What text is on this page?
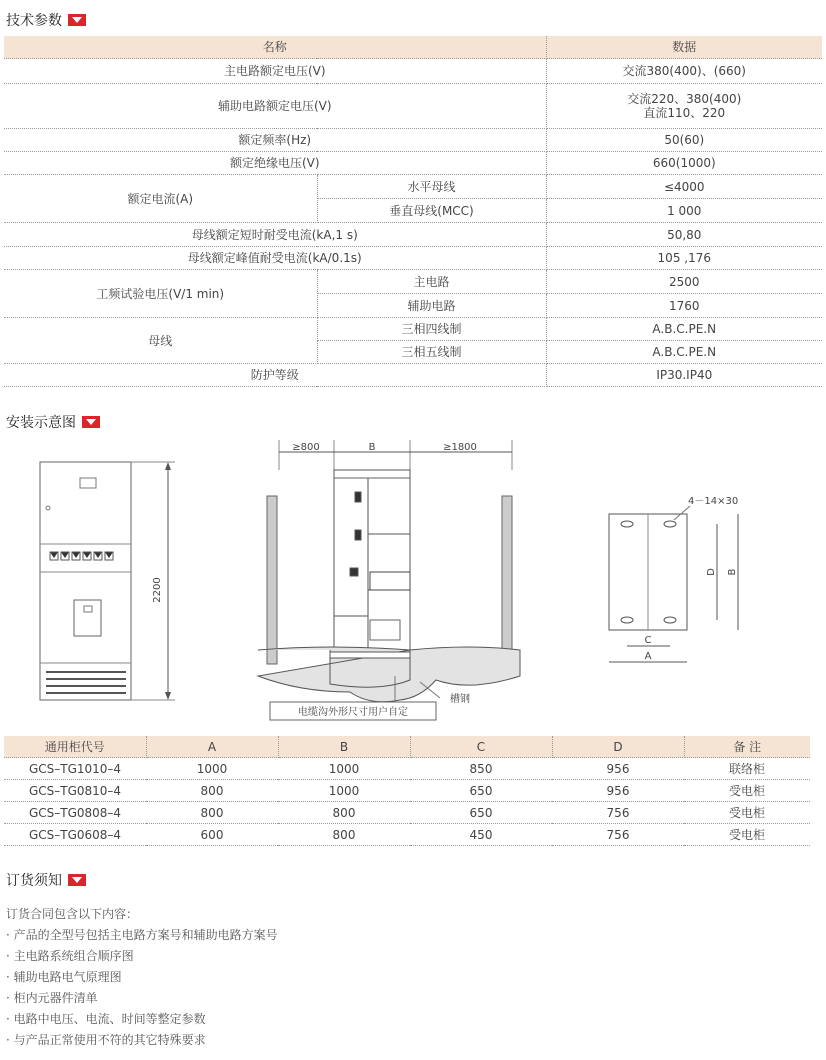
技术参数
名称		数据
主电路额定电压(V)		交流380(400)、(660)
辅助电路额定电压(V)		交流220、380(400)
直流110、220

额定频率(Hz)		50(60)
额定绝缘电压(V)		660(1000)
额定电流(A)	水平母线	≤4000
	垂直母线(MCC)	1 000
母线额定短时耐受电流(kA,1 s)		50,80
母线额定峰值耐受电流(kA/0.1s)		105 ,176
工频试验电压(V/1 min)	主电路	2500
	辅助电路	1760
母线	三相四线制	A.B.C.PE.N
	三相五线制	A.B.C.PE.N
防护等级		IP30.IP40
安装示意图
2200
≥800	B	≥1800
槽钢
电缆沟外形尺寸用户自定
4－14×30
D B
C
A
通用柜代号	A	B	C	D	备 注
GCS–TG1010–4	1000	1000	850	956	联络柜
GCS–TG0810–4	800	1000	650	956	受电柜
GCS–TG0808–4	800	800	650	756	受电柜
GCS–TG0608–4	600	800	450	756	受电柜
订货须知
订货合同包含以下内容：
· 产品的全型号包括主电路方案号和辅助电路方案号
· 主电路系统组合顺序图
· 辅助电路电气原理图
· 柜内元器件清单
· 电路中电压、电流、时间等整定参数
· 与产品正常使用不符的其它特殊要求
